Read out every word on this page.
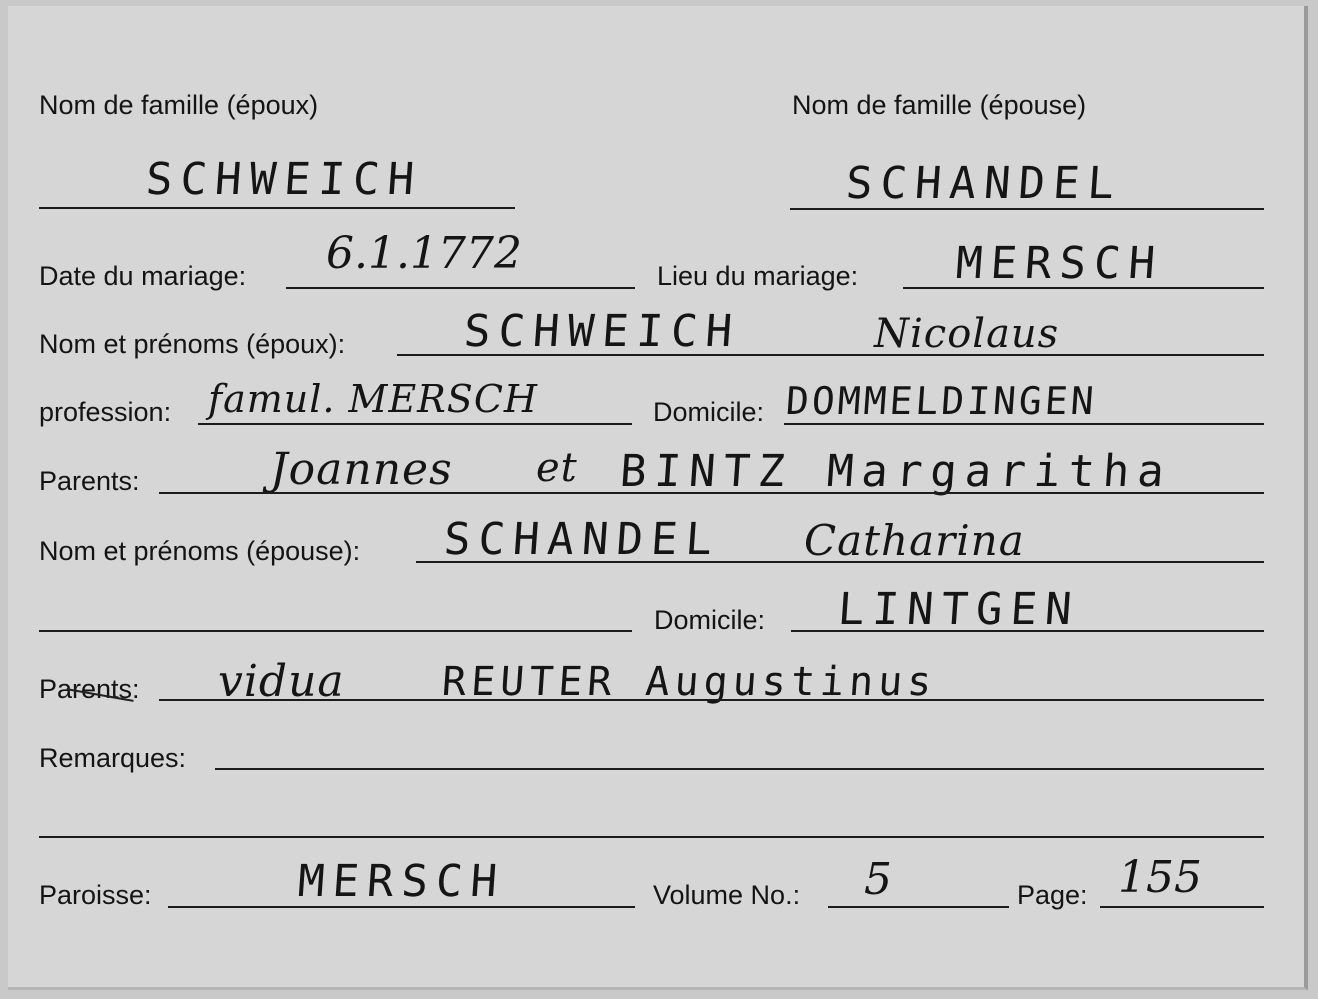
Nom de famille (époux)	Nom de famille (épouse)
SCHWEICH	SCHANDEL
Date du mariage: 6.1.1772	Lieu du mariage: MERSCH
Nom et prénoms (époux):	SCHWEICH	Nicolaus
profession: famul. MERSCH	Domicile: DOMMELDINGEN
Parents:	Joannes et BINTZ Margaritha
Nom et prénoms (épouse): SCHANDEL Catharina
Domicile: LINTGEN
Parents: vidua REUTER Augustinus
Remarques:
Paroisse:	MERSCH	Volume No.: 5	Page: 155
